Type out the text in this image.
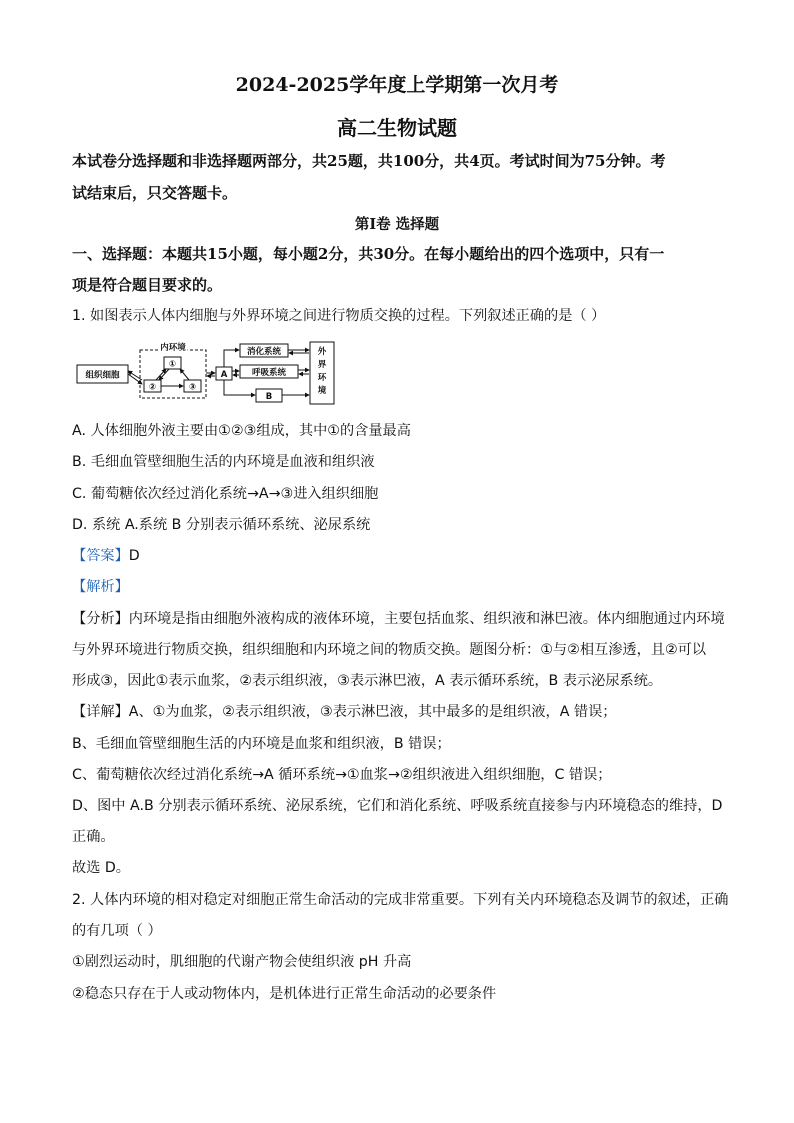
2024-2025学年度上学期第一次月考
高二生物试题
本试卷分选择题和非选择题两部分，共25题，共100分，共4页。考试时间为75分钟。考
试结束后，只交答题卡。
第Ⅰ卷 选择题
一、选择题：本题共15小题，每小题2分，共30分。在每小题给出的四个选项中，只有一
项是符合题目要求的。
1. 如图表示人体内细胞与外界环境之间进行物质交换的过程。下列叙述正确的是（ ）
组织细胞
内环境
①
②	③
A
消化系统
呼吸系统
B
外
界
环
境
A. 人体细胞外液主要由①②③组成，其中①的含量最高
B. 毛细血管壁细胞生活的内环境是血液和组织液
C. 葡萄糖依次经过消化系统→A→③进入组织细胞
D. 系统 A.系统 B 分别表示循环系统、泌尿系统
【答案】D
【解析】
【分析】内环境是指由细胞外液构成的液体环境，主要包括血浆、组织液和淋巴液。体内细胞通过内环境
与外界环境进行物质交换，组织细胞和内环境之间的物质交换。题图分析：①与②相互渗透，且②可以
形成③，因此①表示血浆，②表示组织液，③表示淋巴液，A 表示循环系统，B 表示泌尿系统。
【详解】A、①为血浆，②表示组织液，③表示淋巴液，其中最多的是组织液，A 错误；
B、毛细血管壁细胞生活的内环境是血浆和组织液，B 错误；
C、葡萄糖依次经过消化系统→A 循环系统→①血浆→②组织液进入组织细胞，C 错误；
D、图中 A.B 分别表示循环系统、泌尿系统，它们和消化系统、呼吸系统直接参与内环境稳态的维持，D
正确。
故选 D。
2. 人体内环境的相对稳定对细胞正常生命活动的完成非常重要。下列有关内环境稳态及调节的叙述，正确
的有几项（ ）
①剧烈运动时，肌细胞的代谢产物会使组织液 pH 升高
②稳态只存在于人或动物体内，是机体进行正常生命活动的必要条件
